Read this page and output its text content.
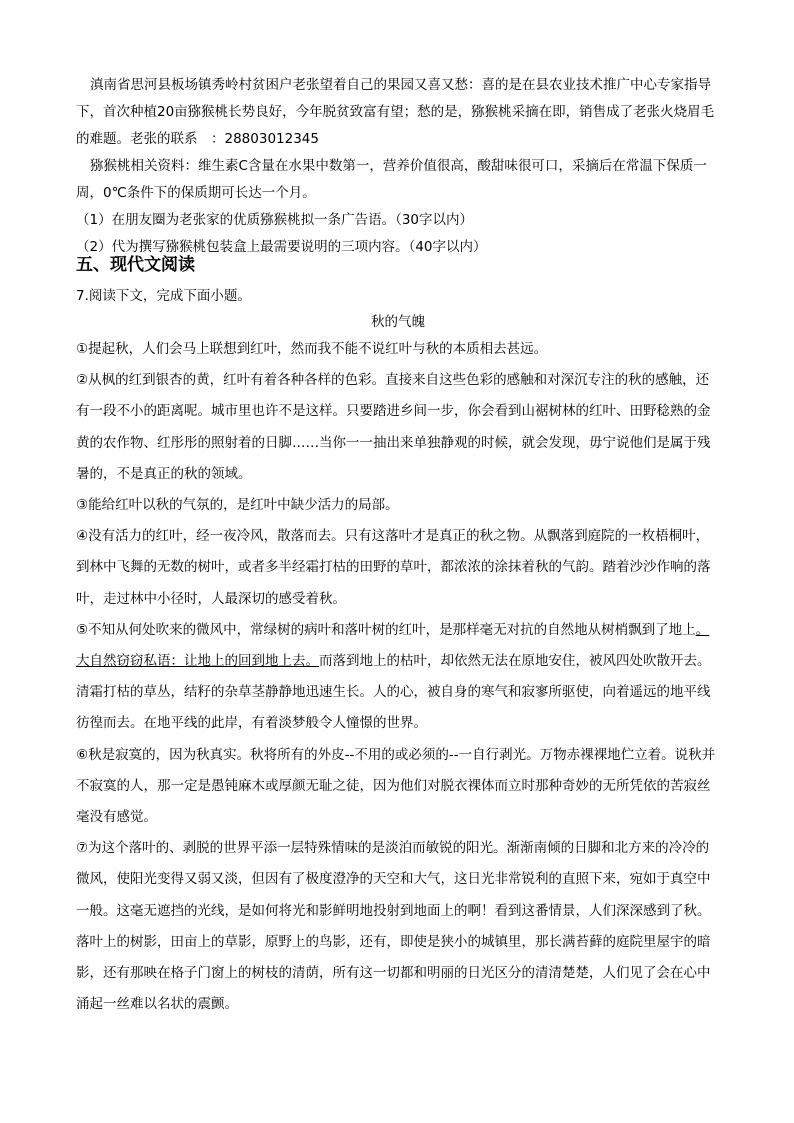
滇南省思河县板场镇秀岭村贫困户老张望着自己的果园又喜又愁：喜的是在县农业技术推广中心专家指导下，首次种植20亩猕猴桃长势良好，今年脱贫致富有望；愁的是，猕猴桃采摘在即，销售成了老张火烧眉毛的难题。老张的联系　：28803012345

猕猴桃相关资料：维生素C含量在水果中数第一，营养价值很高，酸甜味很可口，采摘后在常温下保质一周，0℃条件下的保质期可长达一个月。

（1）在朋友圈为老张家的优质猕猴桃拟一条广告语。（30字以内）

（2）代为撰写猕猴桃包装盒上最需要说明的三项内容。（40字以内）

五、现代文阅读
7.阅读下文，完成下面小题。
秋的气魄

①提起秋，人们会马上联想到红叶，然而我不能不说红叶与秋的本质相去甚远。

②从枫的红到银杏的黄，红叶有着各种各样的色彩。直接来自这些色彩的感触和对深沉专注的秋的感触，还有一段不小的距离呢。城市里也许不是这样。只要踏进乡间一步，你会看到山裾树林的红叶、田野稔熟的金黄的农作物、红彤彤的照射着的日脚……当你一一抽出来单独静观的时候，就会发现，毋宁说他们是属于残暑的，不是真正的秋的领域。

③能给红叶以秋的气氛的，是红叶中缺少活力的局部。

④没有活力的红叶，经一夜冷风，散落而去。只有这落叶才是真正的秋之物。从飘落到庭院的一枚梧桐叶，到林中飞舞的无数的树叶，或者多半经霜打枯的田野的草叶，都浓浓的涂抹着秋的气韵。踏着沙沙作响的落叶，走过林中小径时，人最深切的感受着秋。

⑤不知从何处吹来的微风中，常绿树的病叶和落叶树的红叶，是那样毫无对抗的自然地从树梢飘到了地上。大自然窃窃私语：让地上的回到地上去。而落到地上的枯叶，却依然无法在原地安住，被风四处吹散开去。清霜打枯的草丛，结籽的杂草茎静静地迅速生长。人的心，被自身的寒气和寂寥所驱使，向着遥远的地平线彷徨而去。在地平线的此岸，有着淡梦般令人憧憬的世界。

⑥秋是寂寞的，因为秋真实。秋将所有的外皮--不用的或必须的--一自行剥光。万物赤裸裸地伫立着。说秋并不寂寞的人，那一定是愚钝麻木或厚颜无耻之徒，因为他们对脱衣裸体而立时那种奇妙的无所凭依的苦寂丝毫没有感觉。

⑦为这个落叶的、剥脱的世界平添一层特殊情味的是淡泊而敏锐的阳光。渐渐南倾的日脚和北方来的冷冷的微风，使阳光变得又弱又淡，但因有了极度澄净的天空和大气，这日光非常锐利的直照下来，宛如于真空中一般。这毫无遮挡的光线，是如何将光和影鲜明地投射到地面上的啊！看到这番情景，人们深深感到了秋。落叶上的树影，田亩上的草影，原野上的鸟影，还有，即使是狭小的城镇里，那长满苔藓的庭院里屋宇的暗影，还有那映在格子门窗上的树枝的清荫，所有这一切都和明丽的日光区分的清清楚楚，人们见了会在心中涌起一丝难以名状的震颤。
